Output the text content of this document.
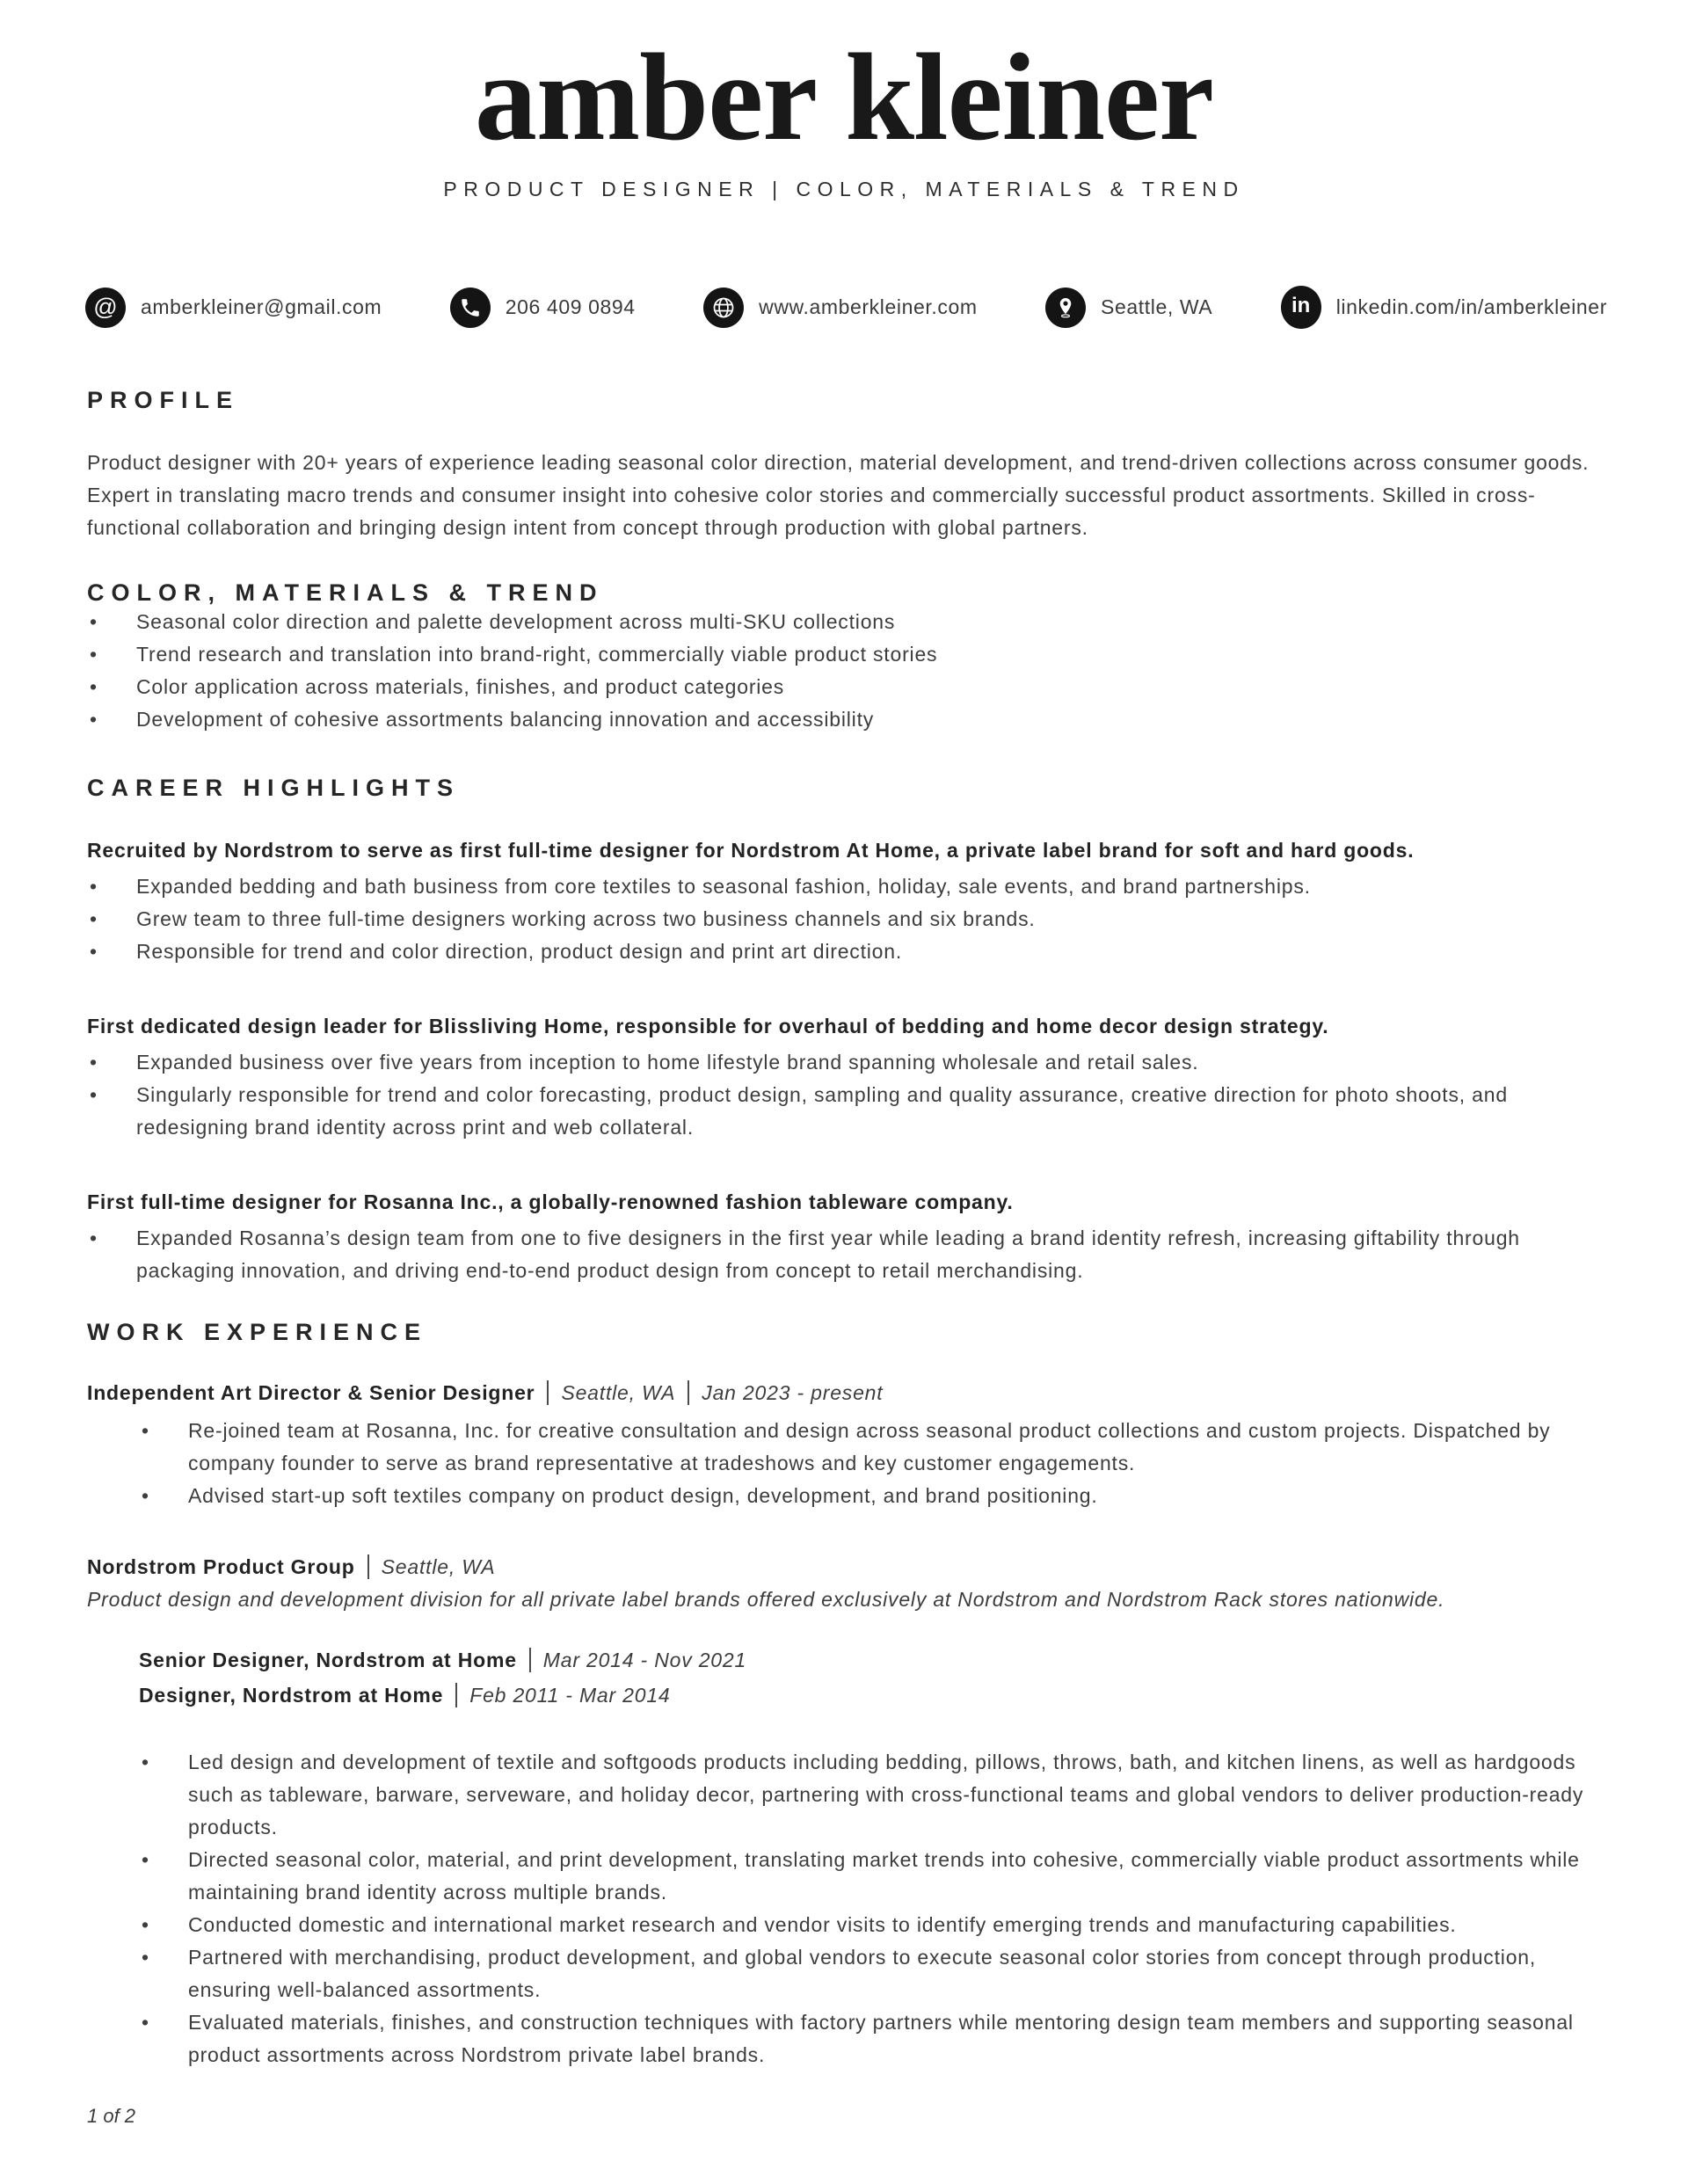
amber kleiner
PRODUCT DESIGNER | COLOR, MATERIALS & TREND
@	amberkleiner@gmail.com	206 409 0894	www.amberkleiner.com	Seattle, WA	in	linkedin.com/in/amberkleiner
PROFILE

Product designer with 20+ years of experience leading seasonal color direction, material development, and trend-driven collections across consumer goods. Expert in translating macro trends and consumer insight into cohesive color stories and commercially successful product assortments. Skilled in cross-functional collaboration and bringing design intent from concept through production with global partners.

COLOR, MATERIALS & TREND
• Seasonal color direction and palette development across multi-SKU collections
• Trend research and translation into brand-right, commercially viable product stories
• Color application across materials, finishes, and product categories
• Development of cohesive assortments balancing innovation and accessibility
CAREER HIGHLIGHTS

Recruited by Nordstrom to serve as first full-time designer for Nordstrom At Home, a private label brand for soft and hard goods.

• Expanded bedding and bath business from core textiles to seasonal fashion, holiday, sale events, and brand partnerships.
• Grew team to three full-time designers working across two business channels and six brands.
• Responsible for trend and color direction, product design and print art direction.

First dedicated design leader for Blissliving Home, responsible for overhaul of bedding and home decor design strategy.

• Expanded business over five years from inception to home lifestyle brand spanning wholesale and retail sales.
• Singularly responsible for trend and color forecasting, product design, sampling and quality assurance, creative direction for photo shoots, and redesigning brand identity across print and web collateral.

First full-time designer for Rosanna Inc., a globally-renowned fashion tableware company.

• Expanded Rosanna’s design team from one to five designers in the first year while leading a brand identity refresh, increasing giftability through packaging innovation, and driving end-to-end product design from concept to retail merchandising.
WORK EXPERIENCE

Independent Art Director & Senior Designer Seattle, WA Jan 2023 - present

• Re-joined team at Rosanna, Inc. for creative consultation and design across seasonal product collections and custom projects. Dispatched by company founder to serve as brand representative at tradeshows and key customer engagements.
• Advised start-up soft textiles company on product design, development, and brand positioning.

Nordstrom Product Group Seattle, WA

Product design and development division for all private label brands offered exclusively at Nordstrom and Nordstrom Rack stores nationwide.

Senior Designer, Nordstrom at Home Mar 2014 - Nov 2021

Designer, Nordstrom at Home Feb 2011 - Mar 2014

• Led design and development of textile and softgoods products including bedding, pillows, throws, bath, and kitchen linens, as well as hardgoods such as tableware, barware, serveware, and holiday decor, partnering with cross-functional teams and global vendors to deliver production-ready products.
• Directed seasonal color, material, and print development, translating market trends into cohesive, commercially viable product assortments while maintaining brand identity across multiple brands.
• Conducted domestic and international market research and vendor visits to identify emerging trends and manufacturing capabilities.
• Partnered with merchandising, product development, and global vendors to execute seasonal color stories from concept through production, ensuring well-balanced assortments.
• Evaluated materials, finishes, and construction techniques with factory partners while mentoring design team members and supporting seasonal product assortments across Nordstrom private label brands.
1 of 2
